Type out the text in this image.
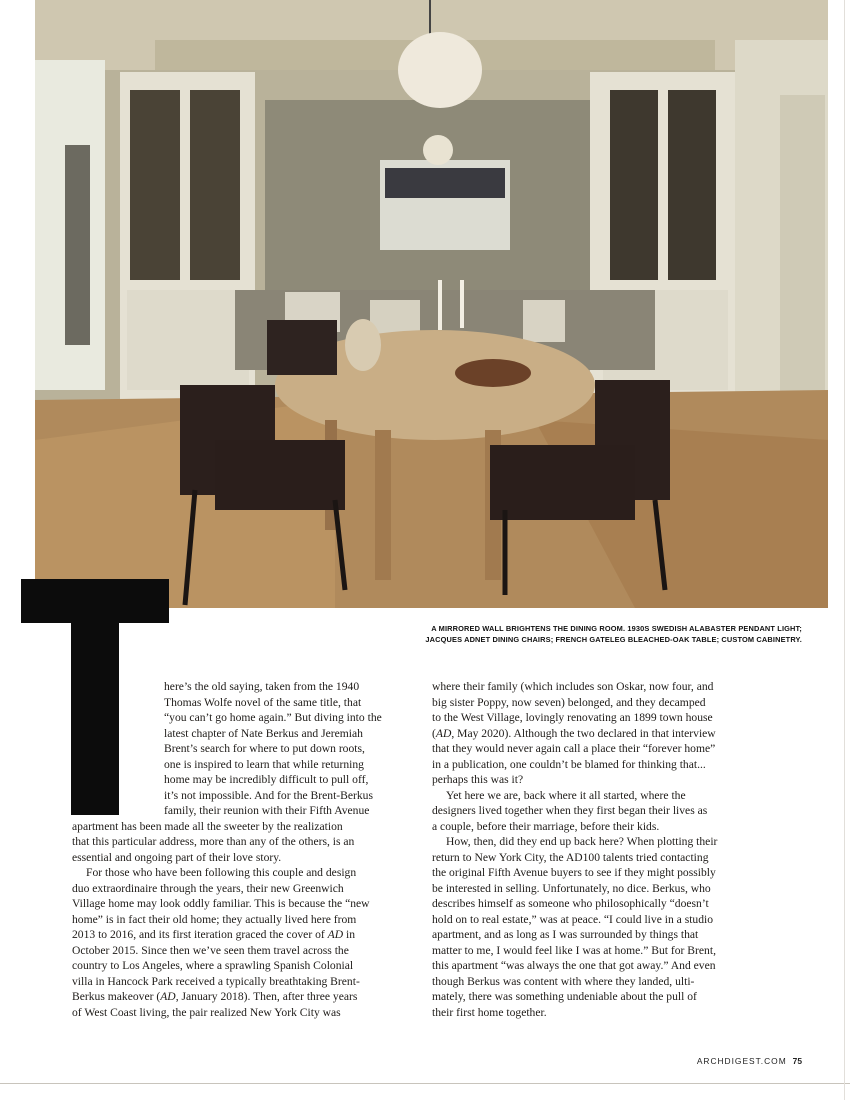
A MIRRORED WALL BRIGHTENS THE DINING ROOM. 1930S SWEDISH ALABASTER PENDANT LIGHT;
JACQUES ADNET DINING CHAIRS; FRENCH GATELEG BLEACHED-OAK TABLE; CUSTOM CABINETRY.

here’s the old saying, taken from the 1940
Thomas Wolfe novel of the same title, that
“you can’t go home again.” But diving into the
latest chapter of Nate Berkus and Jeremiah
Brent’s search for where to put down roots,
one is inspired to learn that while returning
home may be incredibly difficult to pull off,
it’s not impossible. And for the Brent-Berkus
family, their reunion with their Fifth Avenue
apartment has been made all the sweeter by the realization
that this particular address, more than any of the others, is an
essential and ongoing part of their love story.

For those who have been following this couple and design
duo extraordinaire through the years, their new Greenwich
Village home may look oddly familiar. This is because the “new
home” is in fact their old home; they actually lived here from
2013 to 2016, and its first iteration graced the cover of AD in
October 2015. Since then we’ve seen them travel across the
country to Los Angeles, where a sprawling Spanish Colonial
villa in Hancock Park received a typically breathtaking Brent-
Berkus makeover (AD, January 2018). Then, after three years
of West Coast living, the pair realized New York City was

where their family (which includes son Oskar, now four, and
big sister Poppy, now seven) belonged, and they decamped
to the West Village, lovingly renovating an 1899 town house
(AD, May 2020). Although the two declared in that interview
that they would never again call a place their “forever home”
in a publication, one couldn’t be blamed for thinking that...
perhaps this was it?

Yet here we are, back where it all started, where the
designers lived together when they first began their lives as
a couple, before their marriage, before their kids.

How, then, did they end up back here? When plotting their
return to New York City, the AD100 talents tried contacting
the original Fifth Avenue buyers to see if they might possibly
be interested in selling. Unfortunately, no dice. Berkus, who
describes himself as someone who philosophically “doesn’t
hold on to real estate,” was at peace. “I could live in a studio
apartment, and as long as I was surrounded by things that
matter to me, I would feel like I was at home.” But for Brent,
this apartment “was always the one that got away.” And even
though Berkus was content with where they landed, ulti-
mately, there was something undeniable about the pull of
their first home together.

ARCHDIGEST.COM 75
